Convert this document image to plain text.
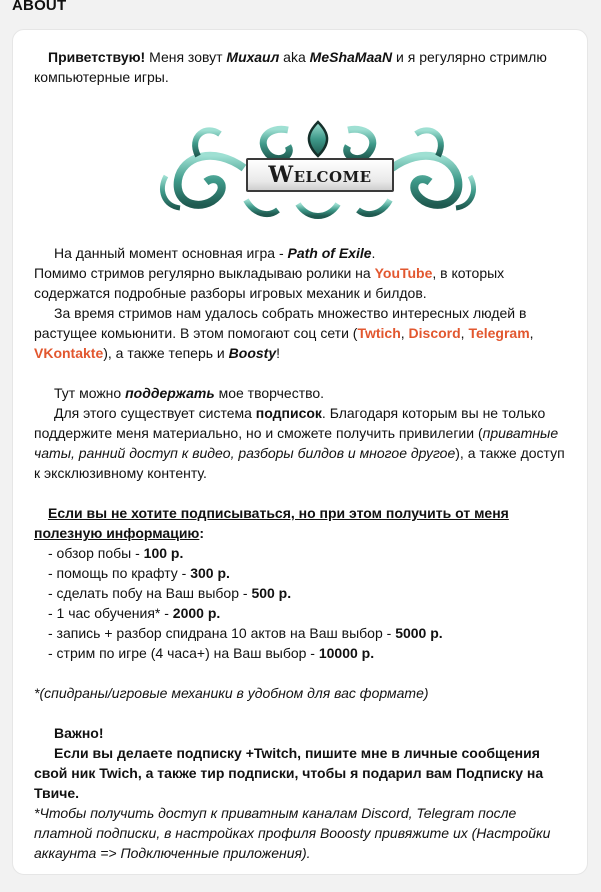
ABOUT

Приветствую! Меня зовут Михаил aka MeShaMaaN и я регулярно стримлю компьютерные игры.

Welcome

На данный момент основная игра - Path of Exile.

Помимо стримов регулярно выкладываю ролики на YouTube, в которых содержатся подробные разборы игровых механик и билдов.

За время стримов нам удалось собрать множество интересных людей в растущее комьюнити. В этом помогают соц сети (Twtich, Discord, Telegram, VKontakte), а также теперь и Boosty!

Тут можно поддержать мое творчество.

Для этого существует система подписок. Благодаря которым вы не только поддержите меня материально, но и сможете получить привилегии (приватные чаты, ранний доступ к видео, разборы билдов и многое другое), а также доступ к эксклюзивному контенту.

Если вы не хотите подписываться, но при этом получить от меня полезную информацию:

- обзор побы - 100 р.

- помощь по крафту - 300 р.

- сделать побу на Ваш выбор - 500 р.

- 1 час обучения* - 2000 р.

- запись + разбор спидрана 10 актов на Ваш выбор - 5000 р.

- стрим по игре (4 часа+) на Ваш выбор - 10000 р.

*(спидраны/игровые механики в удобном для вас формате)

Важно!

Если вы делаете подписку +Twitch, пишите мне в личные сообщения свой ник Twich, а также тир подписки, чтобы я подарил вам Подписку на Твиче.

*Чтобы получить доступ к приватным каналам Discord, Telegram после платной подписки, в настройках профиля Booosty привяжите их (Настройки аккаунта => Подключенные приложения).
